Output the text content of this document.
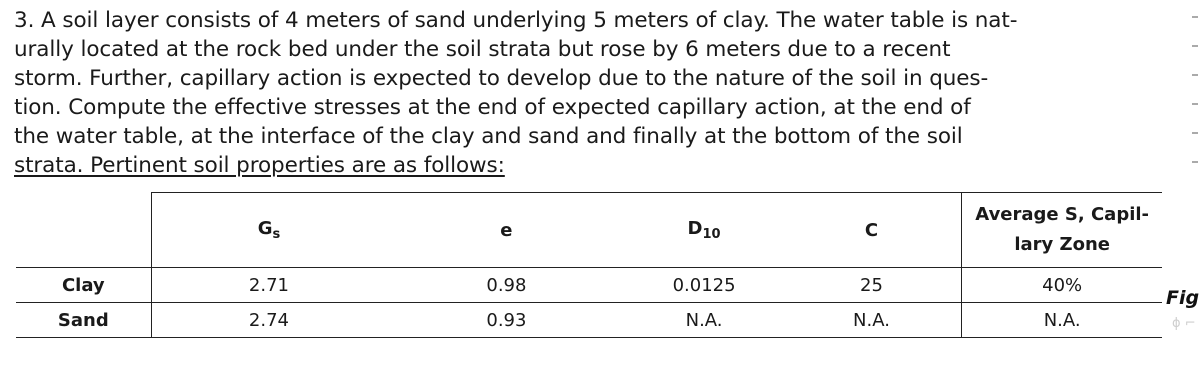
3. A soil layer consists of 4 meters of sand underlying 5 meters of clay. The water table is nat-
urally located at the rock bed under the soil strata but rose by 6 meters due to a recent
storm. Further, capillary action is expected to develop due to the nature of the soil in ques-
tion. Compute the effective stresses at the end of expected capillary action, at the end of
the water table, at the interface of the clay and sand and finally at the bottom of the soil
strata. Pertinent soil properties are as follows:
	$G_s$	e	$D_{10}$	C	Average S, Capil-
lary Zone
Clay	2.71	0.98	0.0125	25	40%
Sand	2.74	0.93	N.A.	N.A.	N.A.
Fig
ɸ ⌐
